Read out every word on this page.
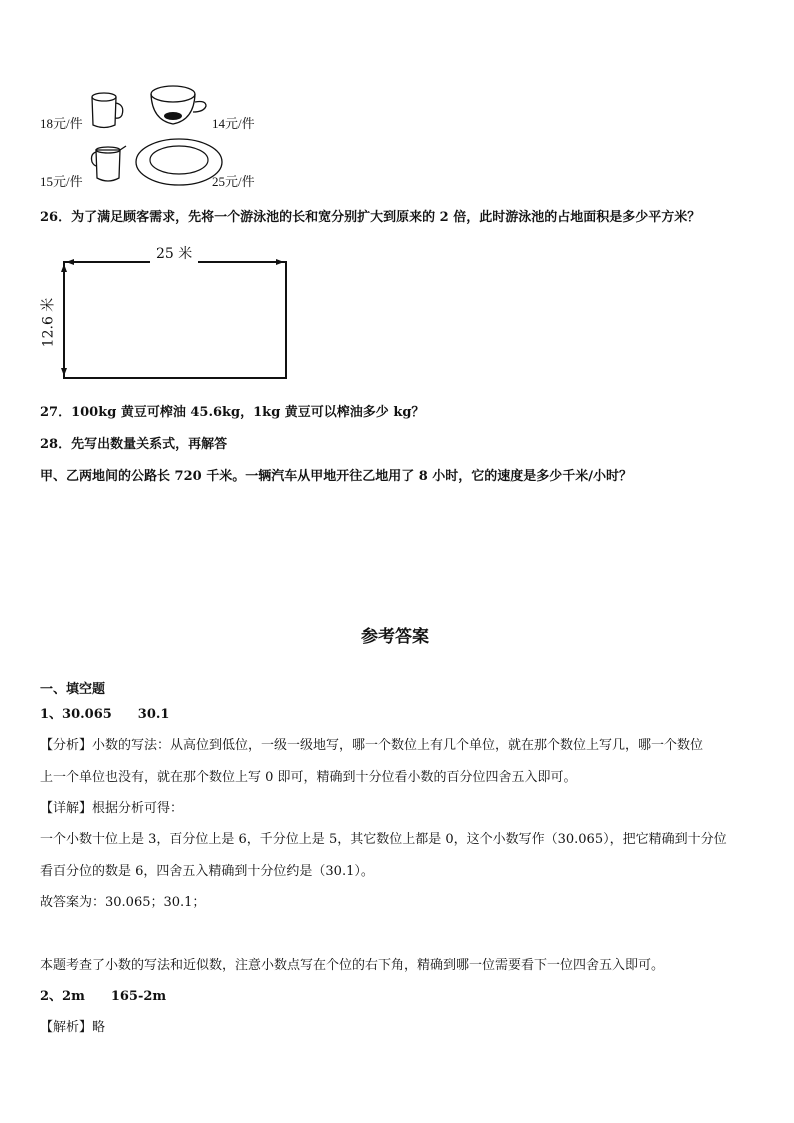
18元/件	14元/件
15元/件	25元/件
26．为了满足顾客需求，先将一个游泳池的长和宽分别扩大到原来的 2 倍，此时游泳池的占地面积是多少平方米？
25 米
12.6 米
27．100kg 黄豆可榨油 45.6kg，1kg 黄豆可以榨油多少 kg？
28．先写出数量关系式，再解答
甲、乙两地间的公路长 720 千米。一辆汽车从甲地开往乙地用了 8 小时，它的速度是多少千米/小时？
参考答案
一、填空题
1、30.065　　30.1
【分析】小数的写法：从高位到低位，一级一级地写，哪一个数位上有几个单位，就在那个数位上写几，哪一个数位
上一个单位也没有，就在那个数位上写 0 即可，精确到十分位看小数的百分位四舍五入即可。
【详解】根据分析可得：
一个小数十位上是 3，百分位上是 6，千分位上是 5，其它数位上都是 0，这个小数写作（30.065），把它精确到十分位
看百分位的数是 6，四舍五入精确到十分位约是（30.1）。
故答案为：30.065；30.1；
本题考查了小数的写法和近似数，注意小数点写在个位的右下角，精确到哪一位需要看下一位四舍五入即可。
2、2m　　165-2m
【解析】略
